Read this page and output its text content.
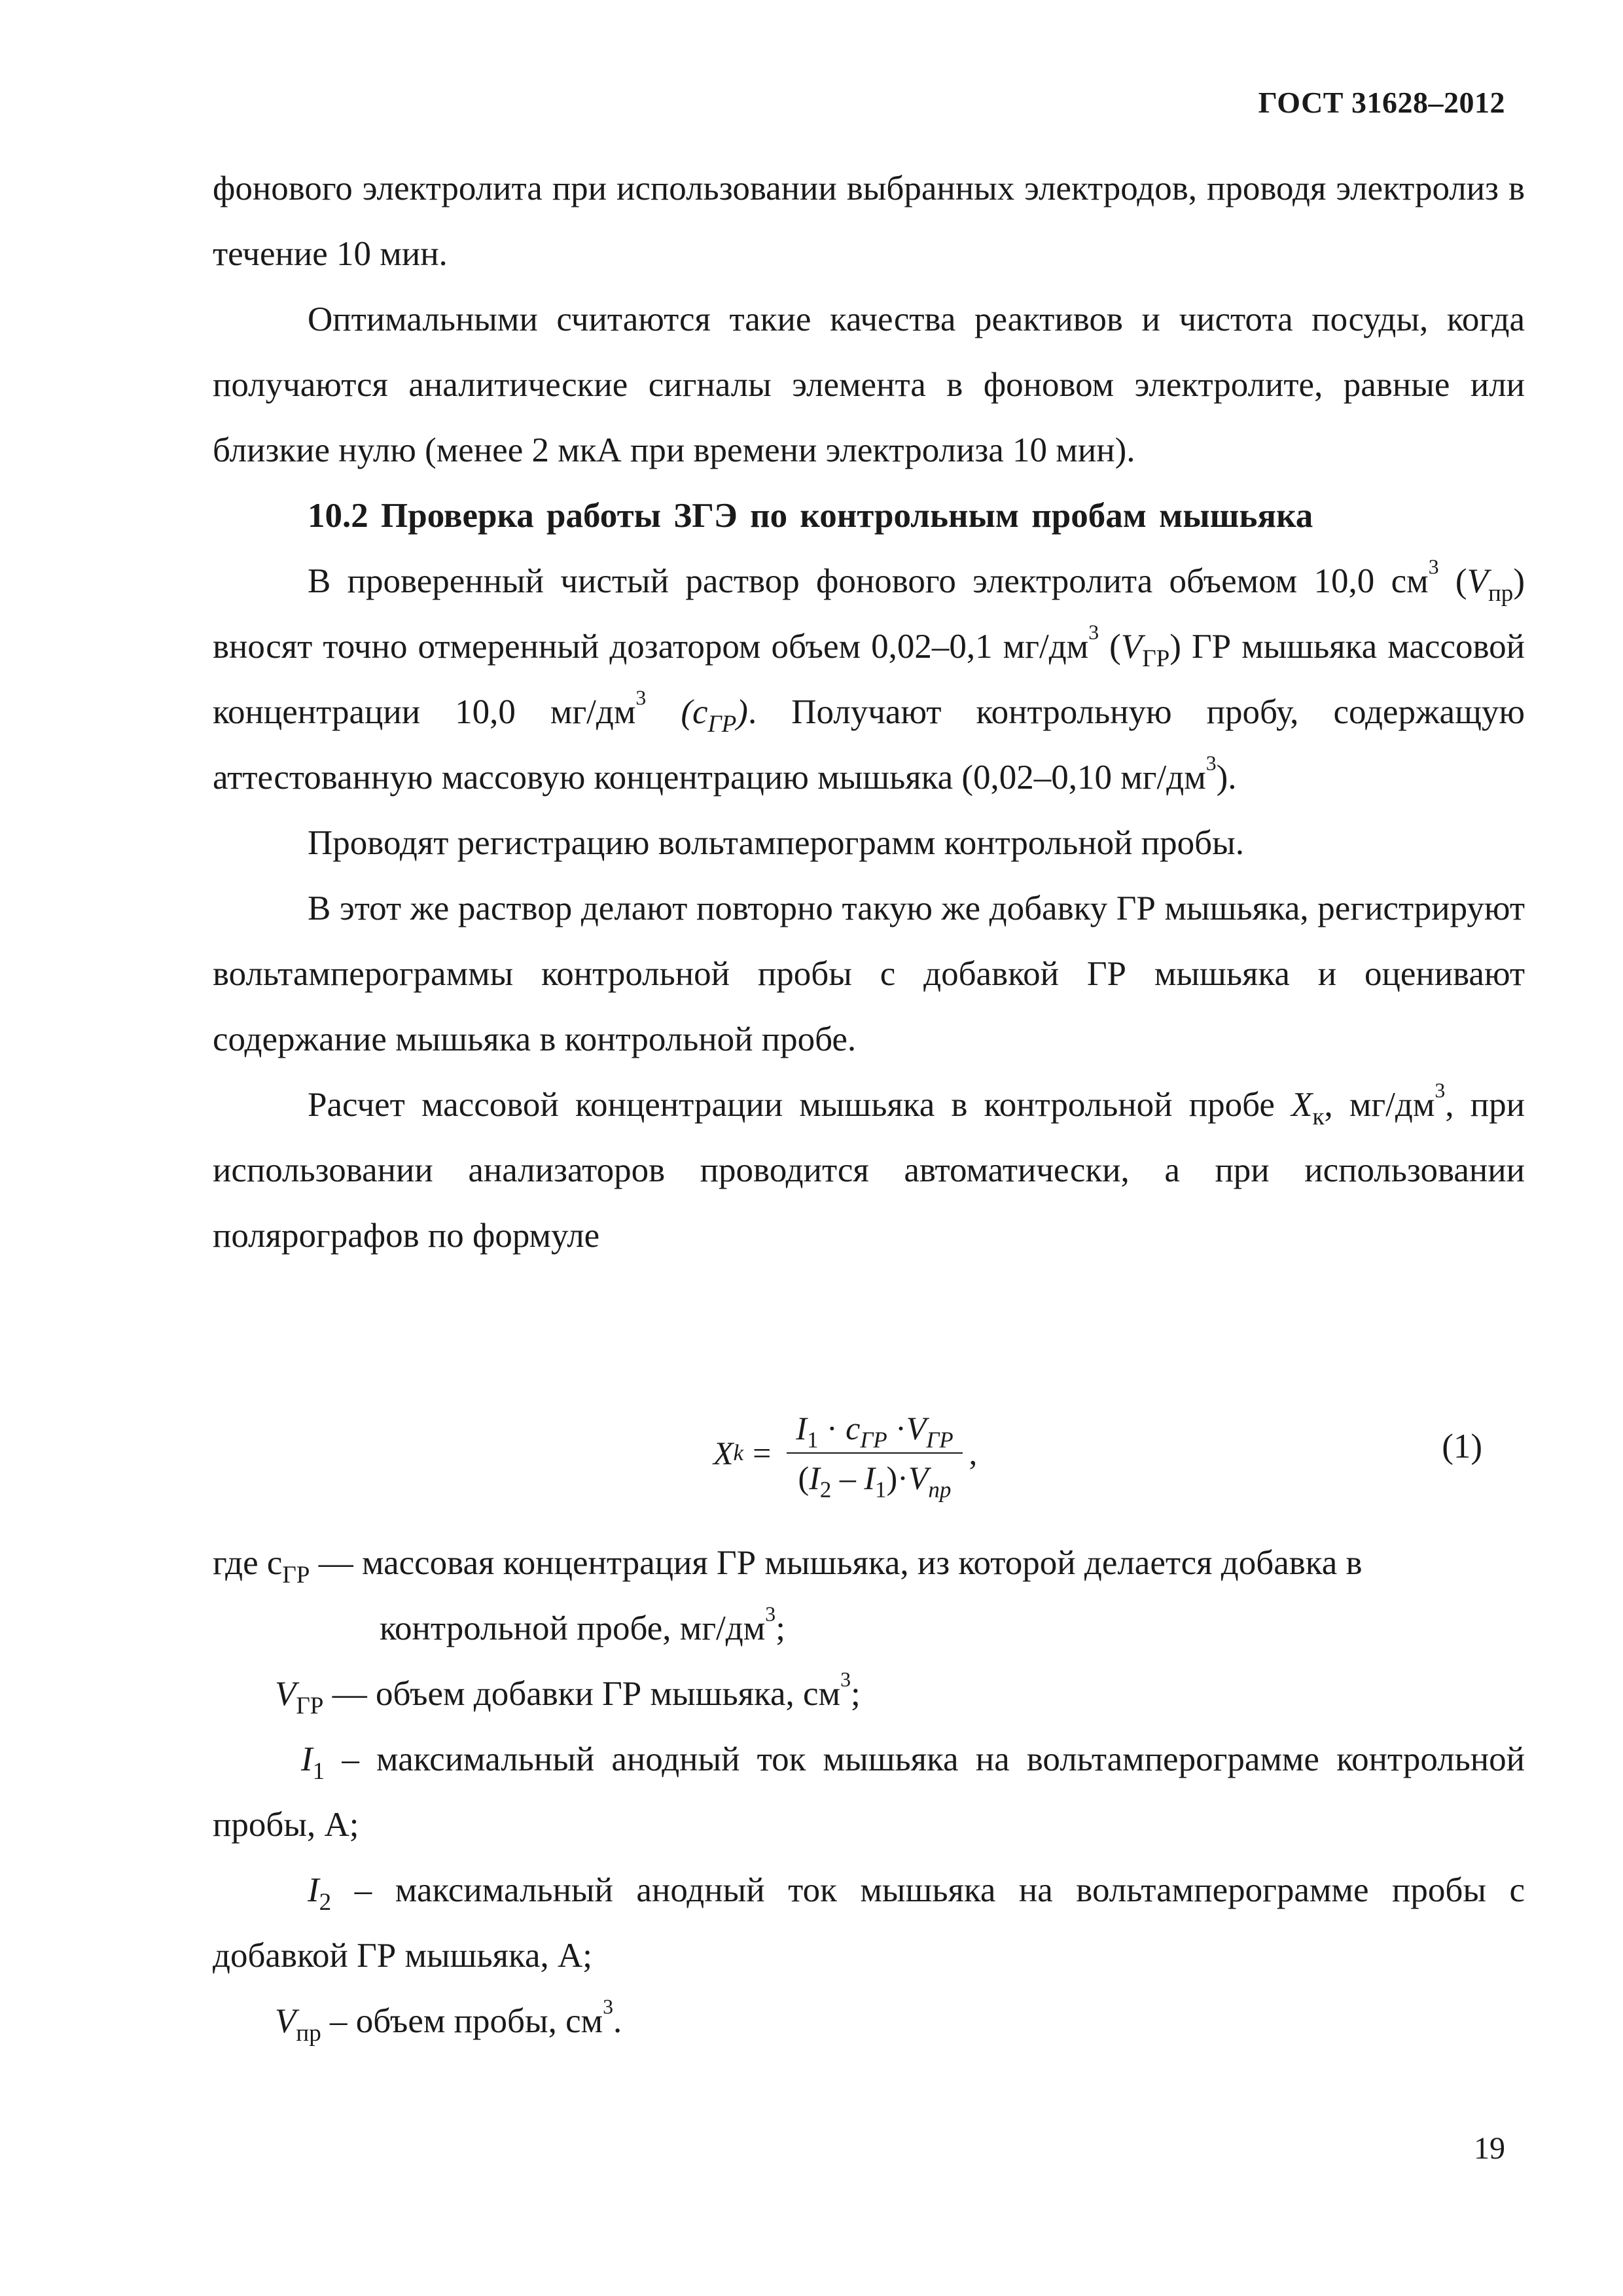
ГОСТ 31628–2012

фонового электролита при использовании выбранных электродов, проводя электролиз в течение 10 мин.

Оптимальными считаются такие качества реактивов и чистота посуды, когда получаются аналитические сигналы элемента в фоновом электролите, равные или близкие нулю (менее 2 мкА при времени электролиза 10 мин).

10.2 Проверка работы ЗГЭ по контрольным пробам мышьяка

В проверенный чистый раствор фонового электролита объемом 10,0 $см^3$ $(V_{пр})$ вносят точно отмеренный дозатором объем 0,02–0,1 $мг/дм^3$ $(V_{ГР})$ ГР мышьяка массовой концентрации 10,0 $мг/дм^3$ $(c_{ГР})$. Получают контрольную пробу, содержащую аттестованную массовую концентрацию мышьяка (0,02–0,10 $мг/дм^3$).

Проводят регистрацию вольтамперограмм контрольной пробы.

В этот же раствор делают повторно такую же добавку ГР мышьяка, регистрируют вольтамперограммы контрольной пробы с добавкой ГР мышьяка и оценивают содержание мышьяка в контрольной пробе.

Расчет массовой концентрации мышьяка в контрольной пробе $X_к$, $мг/дм^3$, при использовании анализаторов проводится автоматически, а при использовании полярографов по формуле

X $k = \frac{I_1 \cdot c_{ГР} \cdot V_{ГР}}{(I_2 - I_1)\cdot V_{пр}}$ ,	(1)
где $c_{ГР}$ — массовая концентрация ГР мышьяка, из которой делается добавка в
контрольной пробе, $мг/дм^3$;
$V_{ГР}$ — объем добавки ГР мышьяка, $см^3$;
$I_1$ – максимальный анодный ток мышьяка на вольтамперограмме контрольной пробы, А;
$I_2$ – максимальный анодный ток мышьяка на вольтамперограмме пробы с добавкой ГР мышьяка, А;
$V_{пр}$ – объем пробы, $см^3$.
19
